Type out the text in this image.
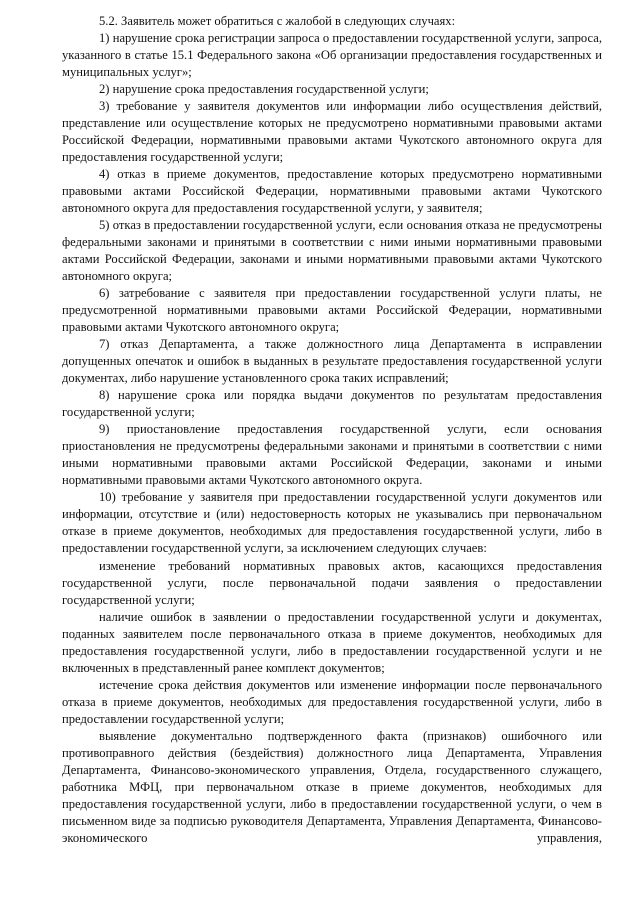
5.2. Заявитель может обратиться с жалобой в следующих случаях:

1) нарушение срока регистрации запроса о предоставлении государственной услуги, запроса, указанного в статье 15.1 Федерального закона «Об организации предоставления государственных и муниципальных услуг»;

2) нарушение срока предоставления государственной услуги;

3) требование у заявителя документов или информации либо осуществления действий, представление или осуществление которых не предусмотрено нормативными правовыми актами Российской Федерации, нормативными правовыми актами Чукотского автономного округа для предоставления государственной услуги;

4) отказ в приеме документов, предоставление которых предусмотрено нормативными правовыми актами Российской Федерации, нормативными правовыми актами Чукотского автономного округа для предоставления государственной услуги, у заявителя;

5) отказ в предоставлении государственной услуги, если основания отказа не предусмотрены федеральными законами и принятыми в соответствии с ними иными нормативными правовыми актами Российской Федерации, законами и иными нормативными правовыми актами Чукотского автономного округа;

6) затребование с заявителя при предоставлении государственной услуги платы, не предусмотренной нормативными правовыми актами Российской Федерации, нормативными правовыми актами Чукотского автономного округа;

7) отказ Департамента, а также должностного лица Департамента в исправлении допущенных опечаток и ошибок в выданных в результате предоставления государственной услуги документах, либо нарушение установленного срока таких исправлений;

8) нарушение срока или порядка выдачи документов по результатам предоставления государственной услуги;

9) приостановление предоставления государственной услуги, если основания приостановления не предусмотрены федеральными законами и принятыми в соответствии с ними иными нормативными правовыми актами Российской Федерации, законами и иными нормативными правовыми актами Чукотского автономного округа.

10) требование у заявителя при предоставлении государственной услуги документов или информации, отсутствие и (или) недостоверность которых не указывались при первоначальном отказе в приеме документов, необходимых для предоставления государственной услуги, либо в предоставлении государственной услуги, за исключением следующих случаев:

изменение требований нормативных правовых актов, касающихся предоставления государственной услуги, после первоначальной подачи заявления о предоставлении государственной услуги;

наличие ошибок в заявлении о предоставлении государственной услуги и документах, поданных заявителем после первоначального отказа в приеме документов, необходимых для предоставления государственной услуги, либо в предоставлении государственной услуги и не включенных в представленный ранее комплект документов;

истечение срока действия документов или изменение информации после первоначального отказа в приеме документов, необходимых для предоставления государственной услуги, либо в предоставлении государственной услуги;

выявление документально подтвержденного факта (признаков) ошибочного или противоправного действия (бездействия) должностного лица Департамента, Управления Департамента, Финансово-экономического управления, Отдела, государственного служащего, работника МФЦ, при первоначальном отказе в приеме документов, необходимых для предоставления государственной услуги, либо в предоставлении государственной услуги, о чем в письменном виде за подписью руководителя Департамента, Управления Департамента, Финансово-экономического управления,
